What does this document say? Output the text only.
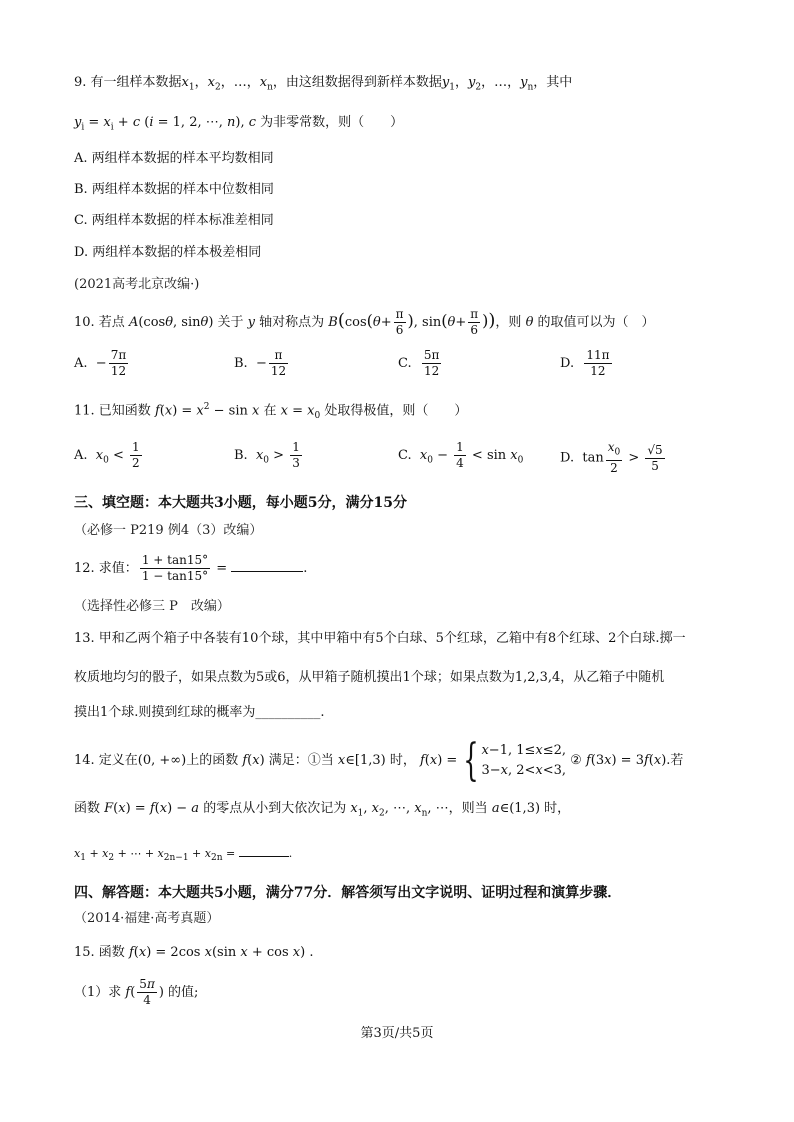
9. 有一组样本数据$x_1$，$x_2$，…，$x_n$，由这组数据得到新样本数据$y_1$，$y_2$，…，$y_n$，其中
$y_i = x_i + c$ (i = 1, 2, ⋯, n), c 为非零常数，则（　　）
A. 两组样本数据的样本平均数相同
B. 两组样本数据的样本中位数相同
C. 两组样本数据的样本标准差相同
D. 两组样本数据的样本极差相同
(2021高考北京改编·)
10. 若点 A(cosθ, sinθ) 关于 y 轴对称点为 $B(\cos(\theta+ \frac{\pi}{6}$ ), $\sin(\theta+ \frac{\pi}{6}$ ))，则 θ 的取值可以为（　）
A.  − $\frac{7\pi}{12}$	B.  − $\frac{\pi}{12}$	C. $\frac{5\pi}{12}$	D. $\frac{11\pi}{12}$
11. 已知函数 $f(x) = x^2 - \sin x$ 在 $x = x_0$ 处取得极值，则（　　）
A.  $x_0 < \frac{1}{2}$	B.  $x_0 > \frac{1}{3}$	C.  $x_0 - \frac{1}{4} < \sin x_0$	D.  $\tan \frac{x_0}{2} > \frac{√5}{5}$
三、填空题：本大题共3小题，每小题5分，满分15分
（必修一 P219 例4（3）改编）
12. 求值： $\frac{1 + \tan 15^\circ}{1 - \tan 15^\circ}$ =	.
（选择性必修三 P　改编）
13. 甲和乙两个箱子中各装有10个球，其中甲箱中有5个白球、5个红球，乙箱中有8个红球、2个白球.掷一
枚质地均匀的骰子，如果点数为5或6，从甲箱子随机摸出1个球；如果点数为1,2,3,4，从乙箱子中随机
摸出1个球.则摸到红球的概率为__________.
14. 定义在(0, +∞)上的函数 f(x) 满足：①当 x∈[1,3) 时， f(x) = { x−1, 1≤x≤2,
3−x, 2<x<3,
② f(3x) = 3f(x).若
函数 F(x) = f(x) − a 的零点从小到大依次记为 $x_1$, $x_2$, ⋯, $x_n$, ⋯，则当 a∈(1,3) 时，
$x_1 + x_2$ + ⋯ + $x_{2n-1} + x_{2n}$ =	.
四、解答题：本大题共5小题，满分77分．解答须写出文字说明、证明过程和演算步骤．
（2014·福建·高考真题）
15. 函数 f(x) = 2cos x(sin x + cos x) .
（1）求 $f( \frac{5\pi}{4}$ ) 的值;
第3页/共5页
